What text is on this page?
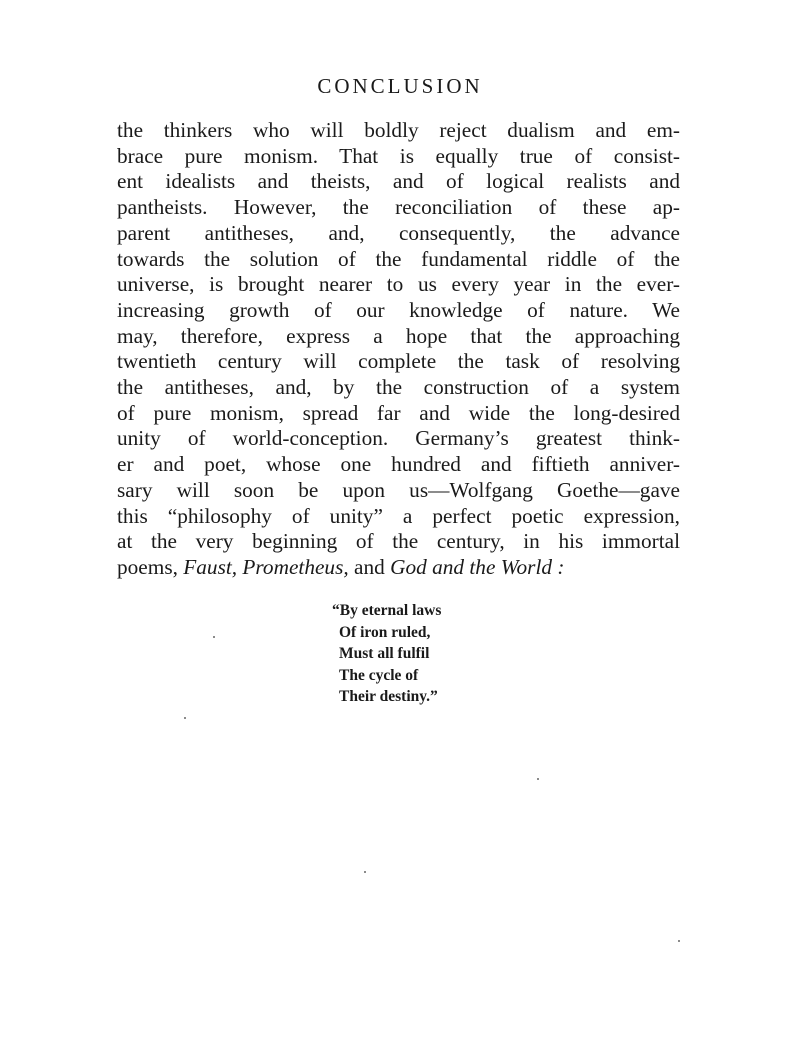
CONCLUSION
the thinkers who will boldly reject dualism and em-
brace pure monism. That is equally true of consist-
ent idealists and theists, and of logical realists and
pantheists. However, the reconciliation of these ap-
parent antitheses, and, consequently, the advance
towards the solution of the fundamental riddle of the
universe, is brought nearer to us every year in the ever-
increasing growth of our knowledge of nature. We
may, therefore, express a hope that the approaching
twentieth century will complete the task of resolving
the antitheses, and, by the construction of a system
of pure monism, spread far and wide the long-desired
unity of world-conception. Germany’s greatest think-
er and poet, whose one hundred and fiftieth anniver-
sary will soon be upon us—Wolfgang Goethe—gave
this “philosophy of unity” a perfect poetic expression,
at the very beginning of the century, in his immortal
poems, Faust, Prometheus, and God and the World :
“By eternal laws
Of iron ruled,
Must all fulfil
The cycle of
Their destiny.”
